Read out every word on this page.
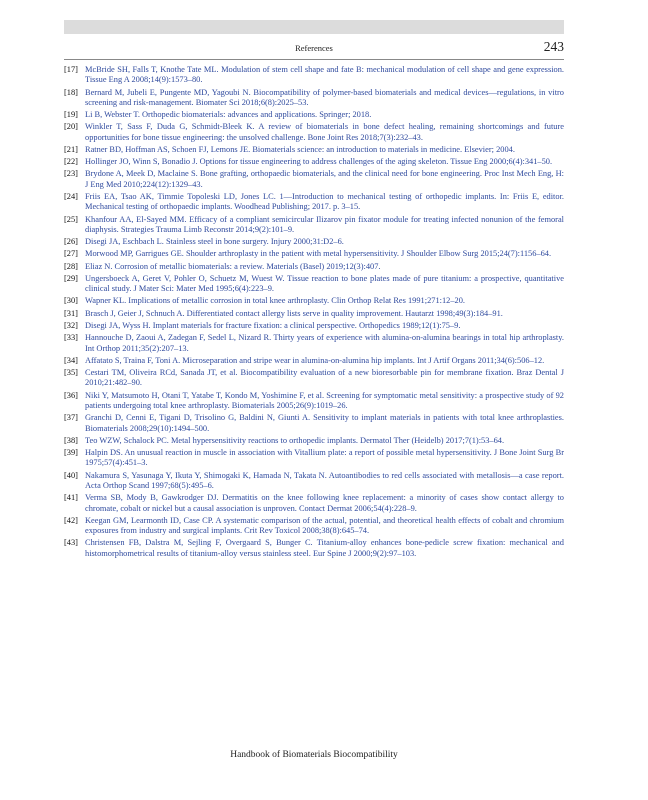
References	243
[17] McBride SH, Falls T, Knothe Tate ML. Modulation of stem cell shape and fate B: mechanical modulation of cell shape and gene expression. Tissue Eng A 2008;14(9):1573–80.
[18] Bernard M, Jubeli E, Pungente MD, Yagoubi N. Biocompatibility of polymer-based biomaterials and medical devices—regulations, in vitro screening and risk-management. Biomater Sci 2018;6(8):2025–53.
[19] Li B, Webster T. Orthopedic biomaterials: advances and applications. Springer; 2018.
[20] Winkler T, Sass F, Duda G, Schmidt-Bleek K. A review of biomaterials in bone defect healing, remaining shortcomings and future opportunities for bone tissue engineering: the unsolved challenge. Bone Joint Res 2018;7(3):232–43.
[21] Ratner BD, Hoffman AS, Schoen FJ, Lemons JE. Biomaterials science: an introduction to materials in medicine. Elsevier; 2004.
[22] Hollinger JO, Winn S, Bonadio J. Options for tissue engineering to address challenges of the aging skeleton. Tissue Eng 2000;6(4):341–50.
[23] Brydone A, Meek D, Maclaine S. Bone grafting, orthopaedic biomaterials, and the clinical need for bone engineering. Proc Inst Mech Eng, H: J Eng Med 2010;224(12):1329–43.
[24] Friis EA, Tsao AK, Timmie Topoleski LD, Jones LC. 1—Introduction to mechanical testing of orthopedic implants. In: Friis E, editor. Mechanical testing of orthopaedic implants. Woodhead Publishing; 2017. p. 3–15.
[25] Khanfour AA, El-Sayed MM. Efficacy of a compliant semicircular Ilizarov pin fixator module for treating infected nonunion of the femoral diaphysis. Strategies Trauma Limb Reconstr 2014;9(2):101–9.
[26] Disegi JA, Eschbach L. Stainless steel in bone surgery. Injury 2000;31:D2–6.
[27] Morwood MP, Garrigues GE. Shoulder arthroplasty in the patient with metal hypersensitivity. J Shoulder Elbow Surg 2015;24(7):1156–64.
[28] Eliaz N. Corrosion of metallic biomaterials: a review. Materials (Basel) 2019;12(3):407.
[29] Ungersboeck A, Geret V, Pohler O, Schuetz M, Wuest W. Tissue reaction to bone plates made of pure titanium: a prospective, quantitative clinical study. J Mater Sci: Mater Med 1995;6(4):223–9.
[30] Wapner KL. Implications of metallic corrosion in total knee arthroplasty. Clin Orthop Relat Res 1991;271:12–20.
[31] Brasch J, Geier J, Schnuch A. Differentiated contact allergy lists serve in quality improvement. Hautarzt 1998;49(3):184–91.
[32] Disegi JA, Wyss H. Implant materials for fracture fixation: a clinical perspective. Orthopedics 1989;12(1):75–9.
[33] Hannouche D, Zaoui A, Zadegan F, Sedel L, Nizard R. Thirty years of experience with alumina-on-alumina bearings in total hip arthroplasty. Int Orthop 2011;35(2):207–13.
[34] Affatato S, Traina F, Toni A. Microseparation and stripe wear in alumina-on-alumina hip implants. Int J Artif Organs 2011;34(6):506–12.
[35] Cestari TM, Oliveira RCd, Sanada JT, et al. Biocompatibility evaluation of a new bioresorbable pin for membrane fixation. Braz Dental J 2010;21:482–90.
[36] Niki Y, Matsumoto H, Otani T, Yatabe T, Kondo M, Yoshimine F, et al. Screening for symptomatic metal sensitivity: a prospective study of 92 patients undergoing total knee arthroplasty. Biomaterials 2005;26(9):1019–26.
[37] Granchi D, Cenni E, Tigani D, Trisolino G, Baldini N, Giunti A. Sensitivity to implant materials in patients with total knee arthroplasties. Biomaterials 2008;29(10):1494–500.
[38] Teo WZW, Schalock PC. Metal hypersensitivity reactions to orthopedic implants. Dermatol Ther (Heidelb) 2017;7(1):53–64.
[39] Halpin DS. An unusual reaction in muscle in association with Vitallium plate: a report of possible metal hypersensitivity. J Bone Joint Surg Br 1975;57(4):451–3.
[40] Nakamura S, Yasunaga Y, Ikuta Y, Shimogaki K, Hamada N, Takata N. Autoantibodies to red cells associated with metallosis—a case report. Acta Orthop Scand 1997;68(5):495–6.
[41] Verma SB, Mody B, Gawkrodger DJ. Dermatitis on the knee following knee replacement: a minority of cases show contact allergy to chromate, cobalt or nickel but a causal association is unproven. Contact Dermat 2006;54(4):228–9.
[42] Keegan GM, Learmonth ID, Case CP. A systematic comparison of the actual, potential, and theoretical health effects of cobalt and chromium exposures from industry and surgical implants. Crit Rev Toxicol 2008;38(8):645–74.
[43] Christensen FB, Dalstra M, Sejling F, Overgaard S, Bunger C. Titanium-alloy enhances bone-pedicle screw fixation: mechanical and histomorphometrical results of titanium-alloy versus stainless steel. Eur Spine J 2000;9(2):97–103.
Handbook of Biomaterials Biocompatibility
